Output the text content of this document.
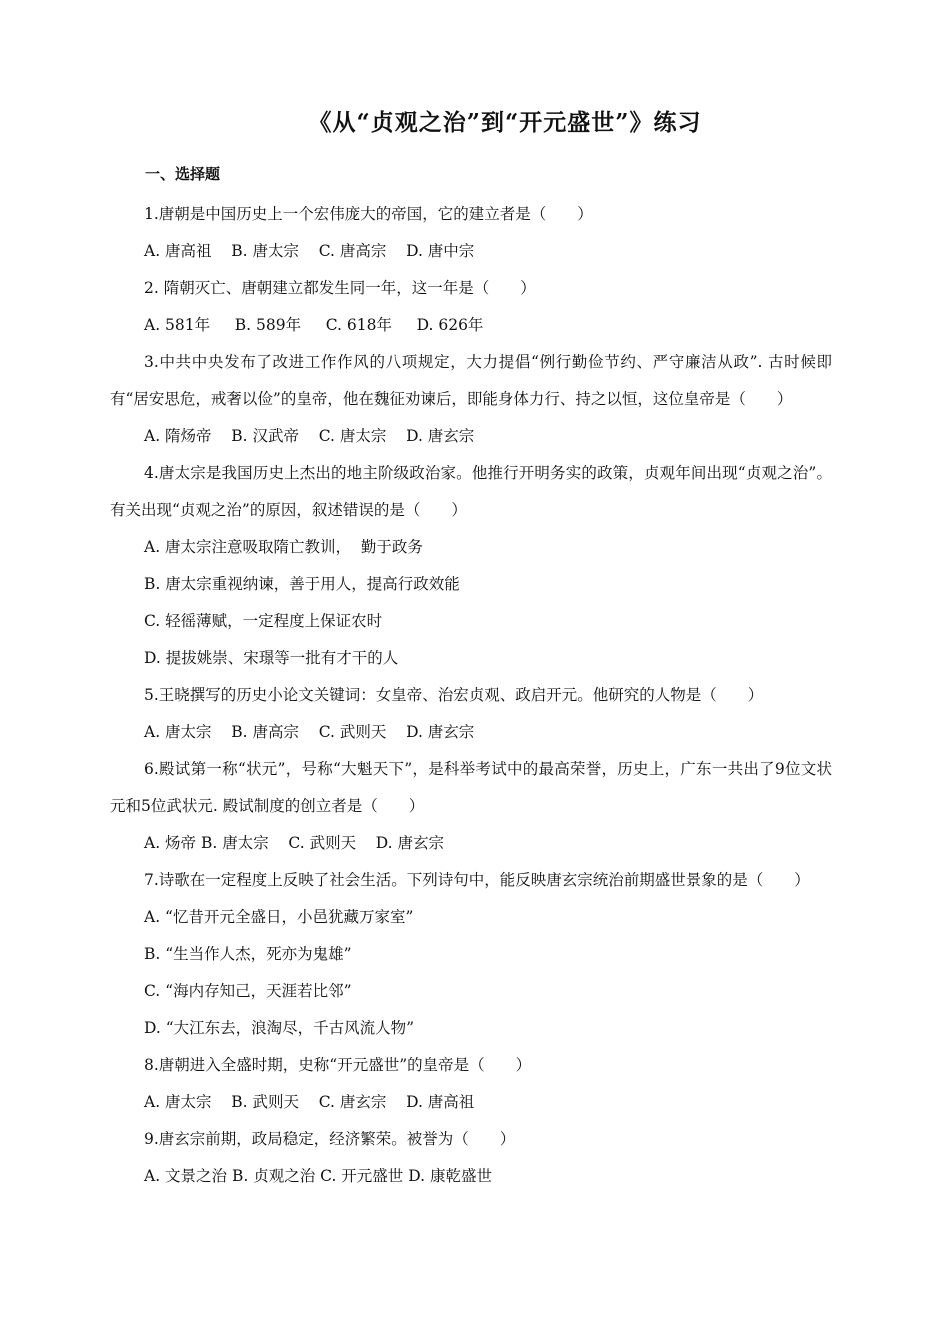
《从“贞观之治”到“开元盛世”》练习
一、选择题

1.唐朝是中国历史上一个宏伟庞大的帝国，它的建立者是（　　）

A. 唐高祖    B. 唐太宗    C. 唐高宗    D. 唐中宗

2. 隋朝灭亡、唐朝建立都发生同一年，这一年是（　　）

A. 581年     B. 589年     C. 618年     D. 626年

3.中共中央发布了改进工作作风的八项规定，大力提倡“例行勤俭节约、严守廉洁从政”. 古时候即有“居安思危，戒奢以俭”的皇帝，他在魏征劝谏后，即能身体力行、持之以恒，这位皇帝是（　　）

A. 隋炀帝    B. 汉武帝    C. 唐太宗    D. 唐玄宗

4.唐太宗是我国历史上杰出的地主阶级政治家。他推行开明务实的政策，贞观年间出现“贞观之治”。有关出现“贞观之治”的原因，叙述错误的是（　　）

A. 唐太宗注意吸取隋亡教训，  勤于政务

B. 唐太宗重视纳谏，善于用人，提高行政效能

C. 轻徭薄赋，一定程度上保证农时

D. 提拔姚崇、宋璟等一批有才干的人

5.王晓撰写的历史小论文关键词：女皇帝、治宏贞观、政启开元。他研究的人物是（　　）

A. 唐太宗    B. 唐高宗    C. 武则天    D. 唐玄宗

6.殿试第一称“状元”，号称“大魁天下”，是科举考试中的最高荣誉，历史上，广东一共出了9位文状元和5位武状元. 殿试制度的创立者是（　　）

A. 炀帝 B. 唐太宗    C. 武则天    D. 唐玄宗

7.诗歌在一定程度上反映了社会生活。下列诗句中，能反映唐玄宗统治前期盛世景象的是（　　）

A. “忆昔开元全盛日，小邑犹藏万家室”

B. “生当作人杰，死亦为鬼雄”

C. “海内存知己，天涯若比邻”

D. “大江东去，浪淘尽，千古风流人物”

8.唐朝进入全盛时期，史称“开元盛世”的皇帝是（　　）

A. 唐太宗    B. 武则天    C. 唐玄宗    D. 唐高祖

9.唐玄宗前期，政局稳定，经济繁荣。被誉为（　　）

A. 文景之治 B. 贞观之治 C. 开元盛世 D. 康乾盛世
